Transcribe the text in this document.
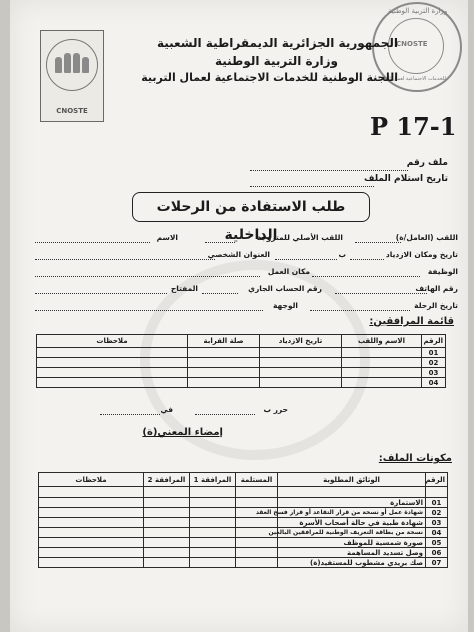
CNOSTE
وزارة التربية الوطنية
CNOSTE
للخدمات الاجتماعية لعمال التربية
الجمهورية الجزائرية الديمقراطية الشعبية
وزارة التربية الوطنية
اللجنة الوطنية للخدمات الاجتماعية لعمال التربية
P 17-1
ملف رقم
تاريخ استلام الملف
طلب الاستفادة من الرحلات الداخلية	اللقب (العامل/ة)
اللقب الأصلي للمتزوجة
الاسم
تاريخ ومكان الازدياد
ب
العنوان الشخصي
الوظيفة
مكان العمل
رقم الهاتف
رقم الحساب الجاري
المفتاح
تاريخ الرحلة
الوجهة
قائمة المرافقين:
الرقم	الاسم واللقب	تاريخ الازدياد	صلة القرابة	ملاحظات
01				
02				
03				
04				
حرر ب
في
إمضاء المعني(ة)
مكونات الملف:
الرقم	الوثائق المطلوبة	المستلمة	المرافقة 1	المرافقة 2	ملاحظات

01	الاستمارة				
02	شهادة عمل أو نسخة من قرار التقاعد أو قرار فسخ العقد				
03	شهادة طبية في حالة أصحاب الأسرة				
04	نسخة من بطاقة التعريف الوطنية للمرافقين البالغين				
05	صورة شمسية للموظف				
06	وصل تسديد المساهمة				
07	صك بريدي مشطوب للمستفيد(ة)				
